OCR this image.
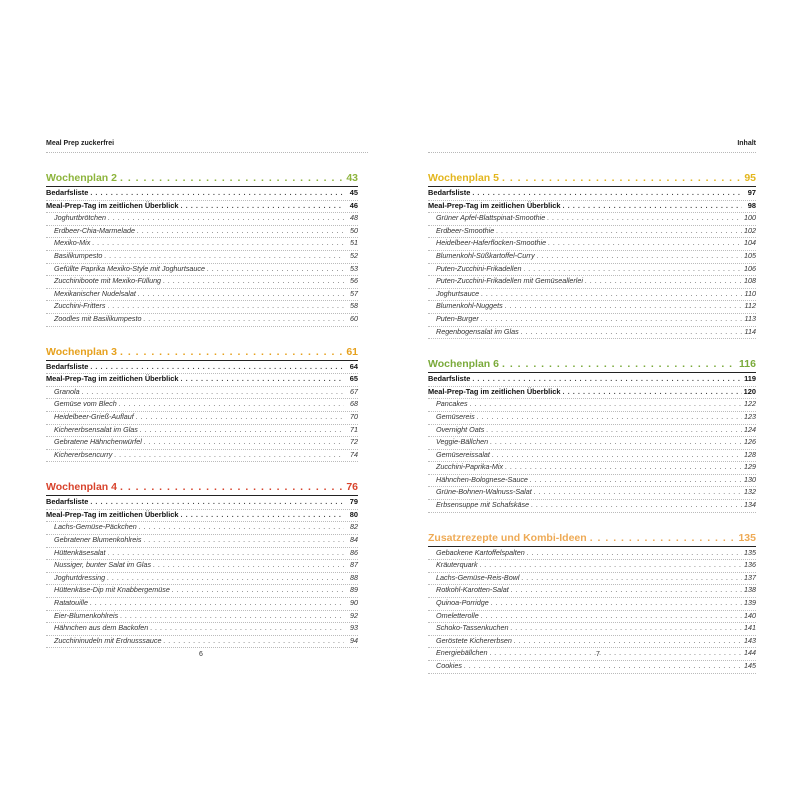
Meal Prep zuckerfrei
Wochenplan 2 . . .	43
Bedarfsliste . . .	45
Meal-Prep-Tag im zeitlichen Überblick . . .	46
Joghurtbrötchen . . .	48
Erdbeer-Chia-Marmelade . . .	50
Mexiko-Mix . . .	51
Basilikumpesto . . .	52
Gefüllte Paprika Mexiko-Style mit Joghurtsauce . . .	53
Zucchiniboote mit Mexiko-Füllung . . .	56
Mexikanischer Nudelsalat . . .	57
Zucchini-Fritters . . .	58
Zoodles mit Basilikumpesto . . .	60
Wochenplan 3 . . .	61
Bedarfsliste . . .	64
Meal-Prep-Tag im zeitlichen Überblick . . .	65
Granola . . .	67
Gemüse vom Blech . . .	68
Heidelbeer-Grieß-Auflauf . . .	70
Kichererbsensalat im Glas . . .	71
Gebratene Hähnchenwürfel . . .	72
Kichererbsencurry . . .	74
Wochenplan 4 . . .	76
Bedarfsliste . . .	79
Meal-Prep-Tag im zeitlichen Überblick . . .	80
Lachs-Gemüse-Päckchen . . .	82
Gebratener Blumenkohlreis . . .	84
Hüttenkäsesalat . . .	86
Nussiger, bunter Salat im Glas . . .	87
Joghurtdressing . . .	88
Hüttenkäse-Dip mit Knabbergemüse . . .	89
Ratatouille . . .	90
Eier-Blumenkohlreis . . .	92
Hähnchen aus dem Backofen . . .	93
Zucchininudeln mit Erdnusssauce . . .	94
6
Inhalt
Wochenplan 5 . . .	95
Bedarfsliste . . .	97
Meal-Prep-Tag im zeitlichen Überblick . . .	98
Grüner Apfel-Blattspinat-Smoothie . . .	100
Erdbeer-Smoothie . . .	102
Heidelbeer-Haferflocken-Smoothie . . .	104
Blumenkohl-Süßkartoffel-Curry . . .	105
Puten-Zucchini-Frikadellen . . .	106
Puten-Zucchini-Frikadellen mit Gemüseallerlei . . .	108
Joghurtsauce . . .	110
Blumenkohl-Nuggets . . .	112
Puten-Burger . . .	113
Regenbogensalat im Glas . . .	114
Wochenplan 6 . . .	116
Bedarfsliste . . .	119
Meal-Prep-Tag im zeitlichen Überblick . . .	120
Pancakes . . .	122
Gemüsereis . . .	123
Overnight Oats . . .	124
Veggie-Bällchen . . .	126
Gemüsereissalat . . .	128
Zucchini-Paprika-Mix . . .	129
Hähnchen-Bolognese-Sauce . . .	130
Grüne-Bohnen-Walnuss-Salat . . .	132
Erbsensuppe mit Schafskäse . . .	134
Zusatzrezepte und Kombi-Ideen . . .	135
Gebackene Kartoffelspalten . . .	135
Kräuterquark . . .	136
Lachs-Gemüse-Reis-Bowl . . .	137
Rotkohl-Karotten-Salat . . .	138
Quinoa-Porridge . . .	139
Omeletterolle . . .	140
Schoko-Tassenkuchen . . .	141
Geröstete Kichererbsen . . .	143
Energiebällchen . . .	144
Cookies . . .	145
7
